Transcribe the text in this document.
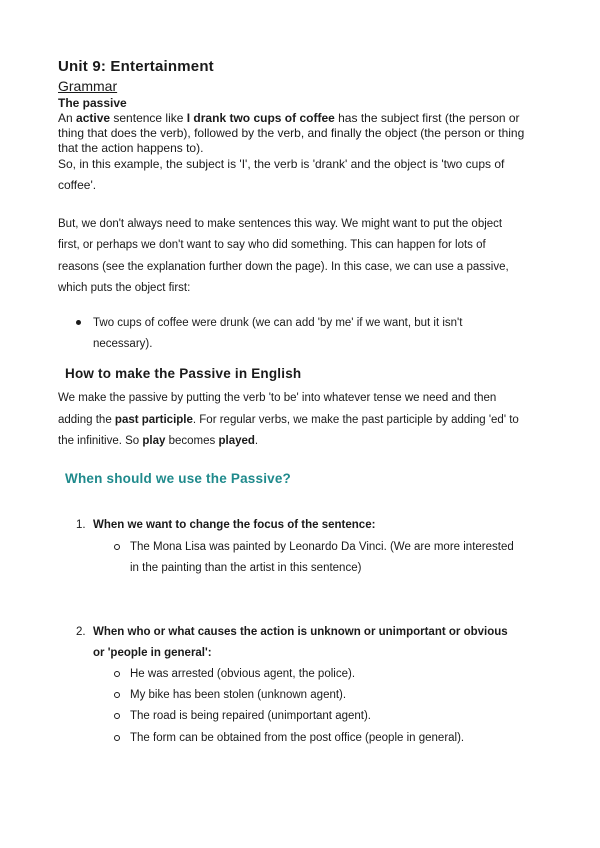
Unit 9: Entertainment
Grammar
The passive
An active sentence like I drank two cups of coffee has the subject first (the person or
thing that does the verb), followed by the verb, and finally the object (the person or thing
that the action happens to).
So, in this example, the subject is 'I', the verb is 'drank' and the object is 'two cups of
coffee'.
But, we don't always need to make sentences this way. We might want to put the object
first, or perhaps we don't want to say who did something. This can happen for lots of
reasons (see the explanation further down the page). In this case, we can use a passive,
which puts the object first:
Two cups of coffee were drunk (we can add 'by me' if we want, but it isn't
necessary).
How to make the Passive in English
We make the passive by putting the verb 'to be' into whatever tense we need and then
adding the past participle. For regular verbs, we make the past participle by adding 'ed' to
the infinitive. So play becomes played.
When should we use the Passive?
1. When we want to change the focus of the sentence:
The Mona Lisa was painted by Leonardo Da Vinci. (We are more interested
in the painting than the artist in this sentence)
2. When who or what causes the action is unknown or unimportant or obvious
or 'people in general':
He was arrested (obvious agent, the police).
My bike has been stolen (unknown agent).
The road is being repaired (unimportant agent).
The form can be obtained from the post office (people in general).
